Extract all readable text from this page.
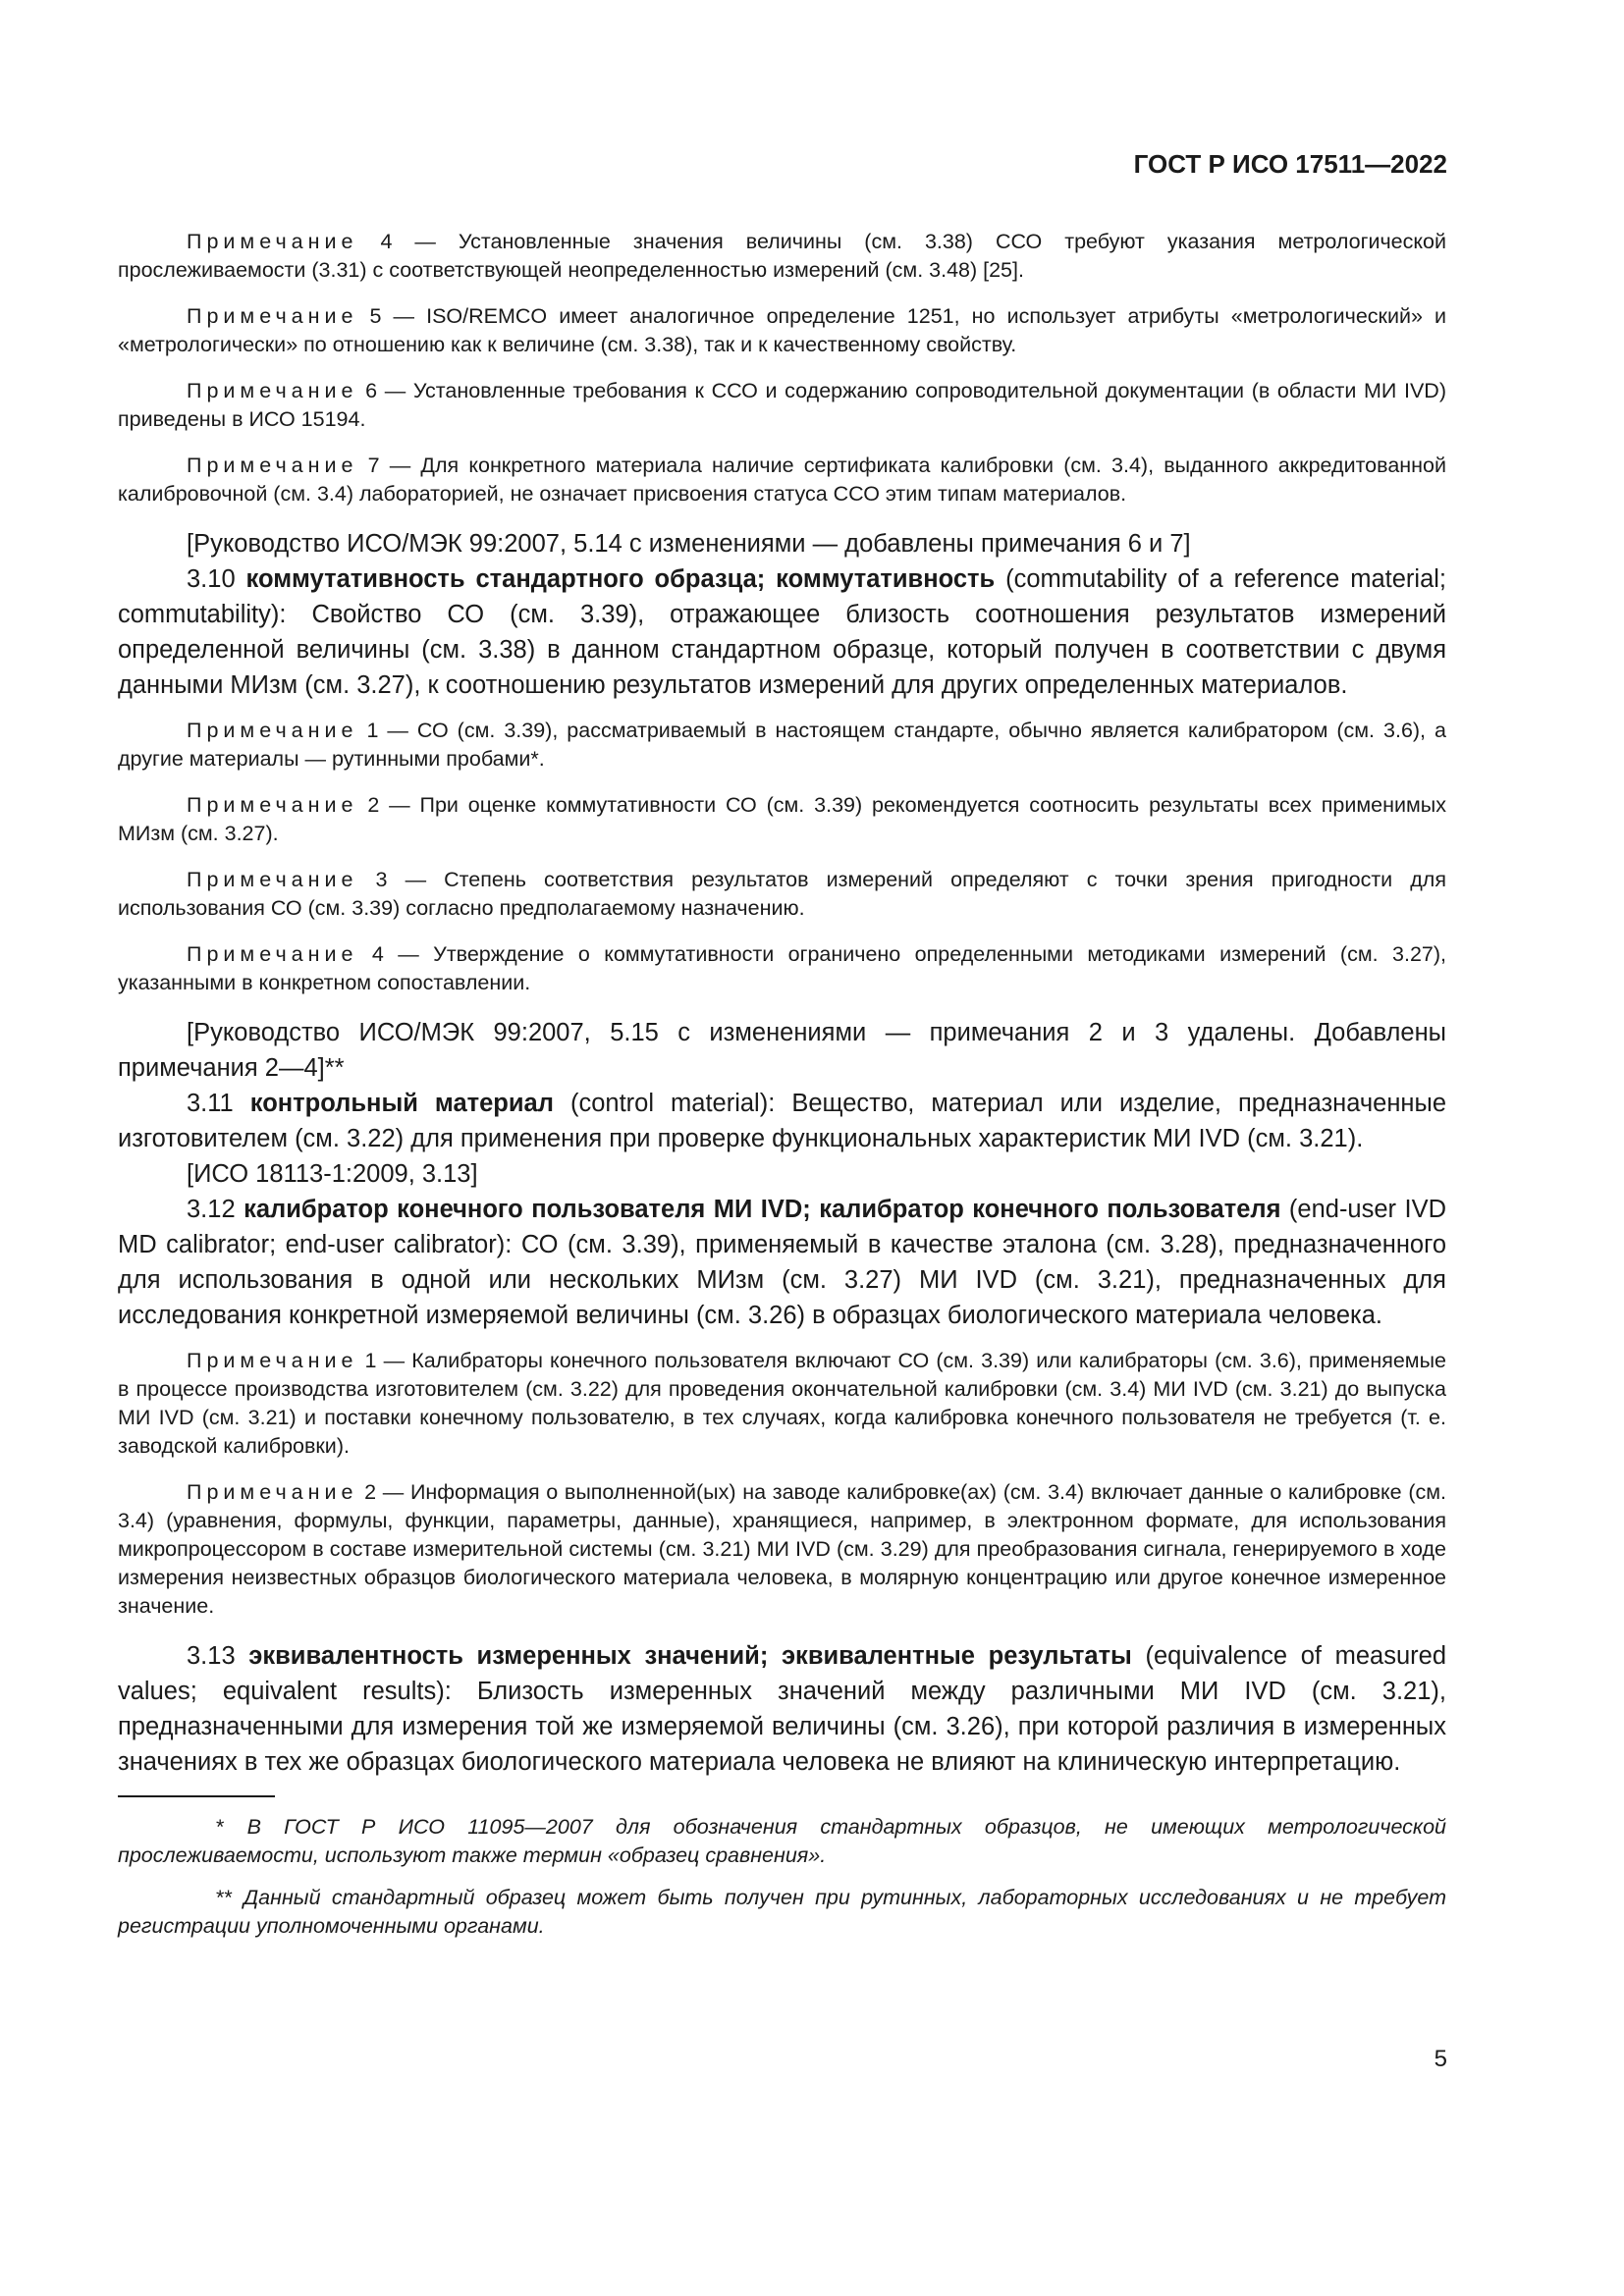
ГОСТ Р ИСО 17511—2022

Примечание 4 — Установленные значения величины (см. 3.38) ССО требуют указания метрологической прослеживаемости (3.31) с соответствующей неопределенностью измерений (см. 3.48) [25].

Примечание 5 — ISO/REMCO имеет аналогичное определение 1251, но использует атрибуты «метрологический» и «метрологически» по отношению как к величине (см. 3.38), так и к качественному свойству.

Примечание 6 — Установленные требования к ССО и содержанию сопроводительной документации (в области МИ IVD) приведены в ИСО 15194.

Примечание 7 — Для конкретного материала наличие сертификата калибровки (см. 3.4), выданного аккредитованной калибровочной (см. 3.4) лабораторией, не означает присвоения статуса ССО этим типам материалов.

[Руководство ИСО/МЭК 99:2007, 5.14 с изменениями — добавлены примечания 6 и 7]

3.10 коммутативность стандартного образца; коммутативность (commutability of a reference material; commutability): Свойство СО (см. 3.39), отражающее близость соотношения результатов измерений определенной величины (см. 3.38) в данном стандартном образце, который получен в соответствии с двумя данными МИзм (см. 3.27), к соотношению результатов измерений для других определенных материалов.

Примечание 1 — СО (см. 3.39), рассматриваемый в настоящем стандарте, обычно является калибратором (см. 3.6), а другие материалы — рутинными пробами*.

Примечание 2 — При оценке коммутативности СО (см. 3.39) рекомендуется соотносить результаты всех применимых МИзм (см. 3.27).

Примечание 3 — Степень соответствия результатов измерений определяют с точки зрения пригодности для использования СО (см. 3.39) согласно предполагаемому назначению.

Примечание 4 — Утверждение о коммутативности ограничено определенными методиками измерений (см. 3.27), указанными в конкретном сопоставлении.

[Руководство ИСО/МЭК 99:2007, 5.15 с изменениями — примечания 2 и 3 удалены. Добавлены примечания 2—4]**

3.11 контрольный материал (control material): Вещество, материал или изделие, предназначенные изготовителем (см. 3.22) для применения при проверке функциональных характеристик МИ IVD (см. 3.21).

[ИСО 18113-1:2009, 3.13]

3.12 калибратор конечного пользователя МИ IVD; калибратор конечного пользователя (end-user IVD MD calibrator; end-user calibrator): СО (см. 3.39), применяемый в качестве эталона (см. 3.28), предназначенного для использования в одной или нескольких МИзм (см. 3.27) МИ IVD (см. 3.21), предназначенных для исследования конкретной измеряемой величины (см. 3.26) в образцах биологического материала человека.

Примечание 1 — Калибраторы конечного пользователя включают СО (см. 3.39) или калибраторы (см. 3.6), применяемые в процессе производства изготовителем (см. 3.22) для проведения окончательной калибровки (см. 3.4) МИ IVD (см. 3.21) до выпуска МИ IVD (см. 3.21) и поставки конечному пользователю, в тех случаях, когда калибровка конечного пользователя не требуется (т. е. заводской калибровки).

Примечание 2 — Информация о выполненной(ых) на заводе калибровке(ах) (см. 3.4) включает данные о калибровке (см. 3.4) (уравнения, формулы, функции, параметры, данные), хранящиеся, например, в электронном формате, для использования микропроцессором в составе измерительной системы (см. 3.21) МИ IVD (см. 3.29) для преобразования сигнала, генерируемого в ходе измерения неизвестных образцов биологического материала человека, в молярную концентрацию или другое конечное измеренное значение.

3.13 эквивалентность измеренных значений; эквивалентные результаты (equivalence of measured values; equivalent results): Близость измеренных значений между различными МИ IVD (см. 3.21), предназначенными для измерения той же измеряемой величины (см. 3.26), при которой различия в измеренных значениях в тех же образцах биологического материала человека не влияют на клиническую интерпретацию.

* В ГОСТ Р ИСО 11095—2007 для обозначения стандартных образцов, не имеющих метрологической прослеживаемости, используют также термин «образец сравнения».

** Данный стандартный образец может быть получен при рутинных, лабораторных исследованиях и не требует регистрации уполномоченными органами.

5
